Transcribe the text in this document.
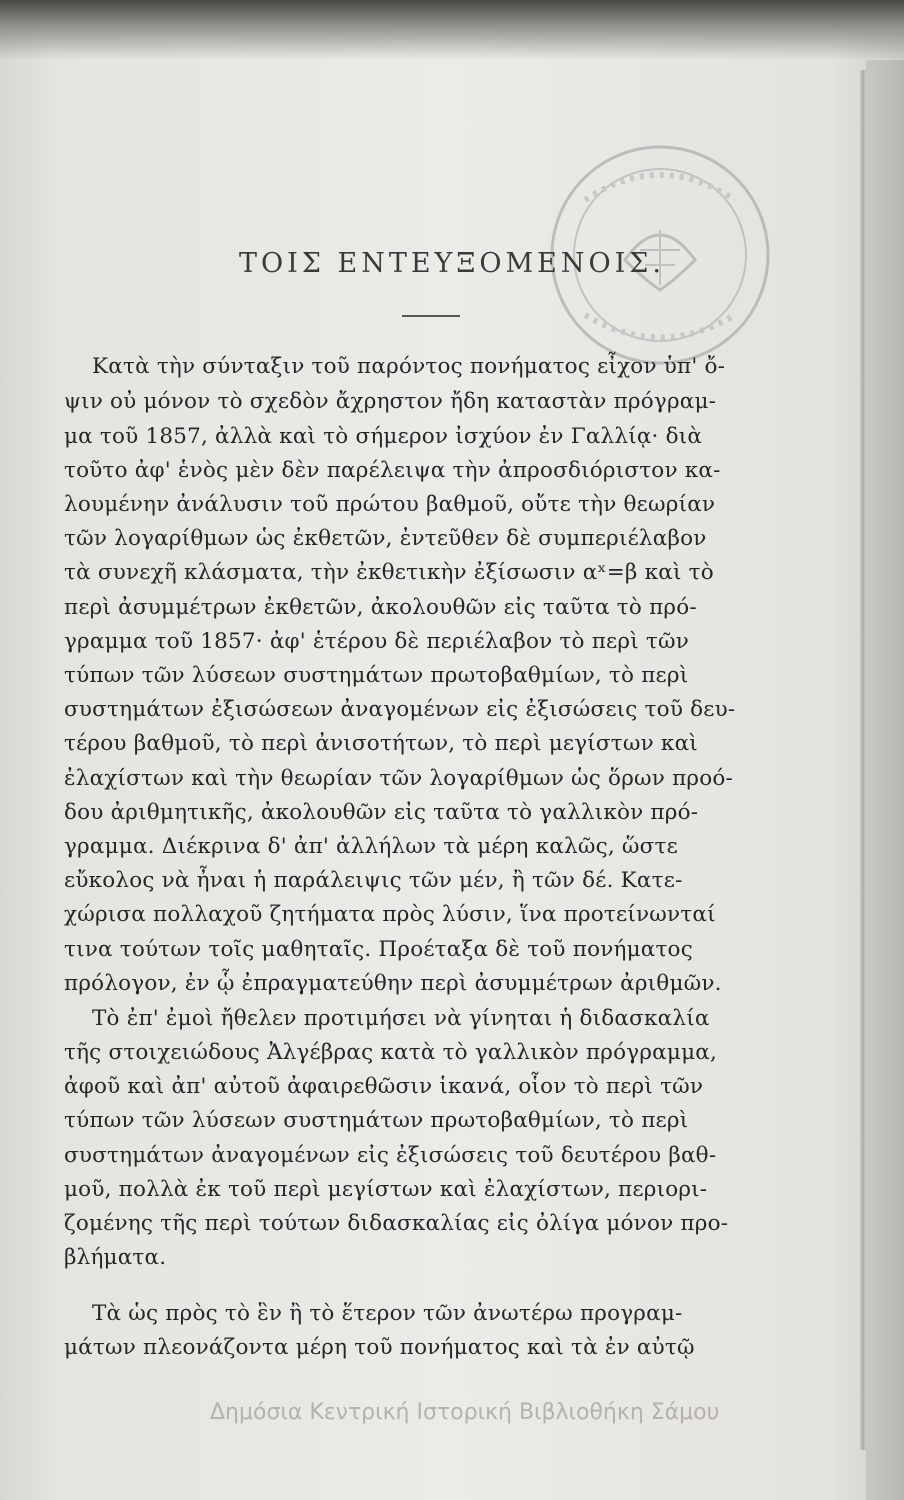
ΤΟΙΣ ΕΝΤΕΥΞΟΜΕΝΟΙΣ.

Κατὰ τὴν σύνταξιν τοῦ παρόντος πονήματος εἶχον ὑπ' ὄ-

ψιν οὐ μόνον τὸ σχεδὸν ἄχρηστον ἤδη καταστὰν πρόγραμ-

μα τοῦ 1857, ἀλλὰ καὶ τὸ σήμερον ἰσχύον ἐν Γαλλίᾳ· διὰ

τοῦτο ἀφ' ἑνὸς μὲν δὲν παρέλειψα τὴν ἀπροσδιόριστον κα-

λουμένην ἀνάλυσιν τοῦ πρώτου βαθμοῦ, οὔτε τὴν θεωρίαν

τῶν λογαρίθμων ὡς ἐκθετῶν, ἐντεῦθεν δὲ συμπεριέλαβον

τὰ συνεχῆ κλάσματα, τὴν ἐκθετικὴν ἐξίσωσιν αˣ=β καὶ τὸ

περὶ ἀσυμμέτρων ἐκθετῶν, ἀκολουθῶν εἰς ταῦτα τὸ πρό-

γραμμα τοῦ 1857· ἀφ' ἑτέρου δὲ περιέλαβον τὸ περὶ τῶν

τύπων τῶν λύσεων συστημάτων πρωτοβαθμίων, τὸ περὶ

συστημάτων ἐξισώσεων ἀναγομένων εἰς ἐξισώσεις τοῦ δευ-

τέρου βαθμοῦ, τὸ περὶ ἀνισοτήτων, τὸ περὶ μεγίστων καὶ

ἐλαχίστων καὶ τὴν θεωρίαν τῶν λογαρίθμων ὡς ὅρων προό-

δου ἀριθμητικῆς, ἀκολουθῶν εἰς ταῦτα τὸ γαλλικὸν πρό-

γραμμα. Διέκρινα δ' ἀπ' ἀλλήλων τὰ μέρη καλῶς, ὥστε

εὔκολος νὰ ἦναι ἡ παράλειψις τῶν μέν, ἢ τῶν δέ. Κατε-

χώρισα πολλαχοῦ ζητήματα πρὸς λύσιν, ἵνα προτείνωνταί

τινα τούτων τοῖς μαθηταῖς. Προέταξα δὲ τοῦ πονήματος

πρόλογον, ἐν ᾧ ἐπραγματεύθην περὶ ἀσυμμέτρων ἀριθμῶν.

Τὸ ἐπ' ἐμοὶ ἤθελεν προτιμήσει νὰ γίνηται ἡ διδασκαλία

τῆς στοιχειώδους Ἀλγέβρας κατὰ τὸ γαλλικὸν πρόγραμμα,

ἀφοῦ καὶ ἀπ' αὐτοῦ ἀφαιρεθῶσιν ἱκανά, οἷον τὸ περὶ τῶν

τύπων τῶν λύσεων συστημάτων πρωτοβαθμίων, τὸ περὶ

συστημάτων ἀναγομένων εἰς ἐξισώσεις τοῦ δευτέρου βαθ-

μοῦ, πολλὰ ἐκ τοῦ περὶ μεγίστων καὶ ἐλαχίστων, περιορι-

ζομένης τῆς περὶ τούτων διδασκαλίας εἰς ὀλίγα μόνον προ-

βλήματα.

Τὰ ὡς πρὸς τὸ ἓν ἢ τὸ ἕτερον τῶν ἀνωτέρω προγραμ-

μάτων πλεονάζοντα μέρη τοῦ πονήματος καὶ τὰ ἐν αὐτῷ

Δημόσια Κεντρική Ιστορική Βιβλιοθήκη Σάμου
